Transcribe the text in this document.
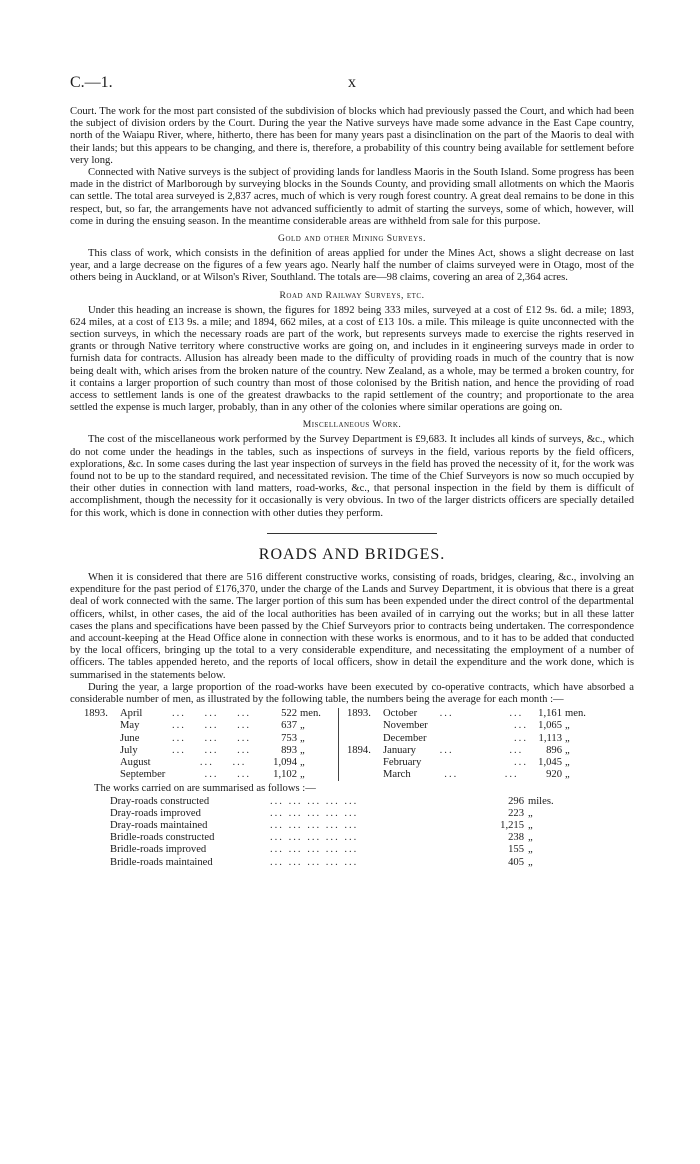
C.—1.	x

Court. The work for the most part consisted of the subdivision of blocks which had previously passed the Court, and which had been the subject of division orders by the Court. During the year the Native surveys have made some advance in the East Cape country, north of the Waiapu River, where, hitherto, there has been for many years past a disinclination on the part of the Maoris to deal with their lands; but this appears to be changing, and there is, therefore, a probability of this country being available for settlement before very long.

Connected with Native surveys is the subject of providing lands for landless Maoris in the South Island. Some progress has been made in the district of Marlborough by surveying blocks in the Sounds County, and providing small allotments on which the Maoris can settle. The total area surveyed is 2,837 acres, much of which is very rough forest country. A great deal remains to be done in this respect, but, so far, the arrangements have not advanced sufficiently to admit of starting the surveys, some of which, however, will come in during the ensuing season. In the meantime considerable areas are withheld from sale for this purpose.

Gold and other Mining Surveys.

This class of work, which consists in the definition of areas applied for under the Mines Act, shows a slight decrease on last year, and a large decrease on the figures of a few years ago. Nearly half the number of claims surveyed were in Otago, most of the others being in Auckland, or at Wilson's River, Southland. The totals are—98 claims, covering an area of 2,364 acres.

Road and Railway Surveys, etc.

Under this heading an increase is shown, the figures for 1892 being 333 miles, surveyed at a cost of £12 9s. 6d. a mile; 1893, 624 miles, at a cost of £13 9s. a mile; and 1894, 662 miles, at a cost of £13 10s. a mile. This mileage is quite unconnected with the section surveys, in which the necessary roads are part of the work, but represents surveys made to exercise the rights reserved in grants or through Native territory where constructive works are going on, and includes in it engineering surveys made in order to furnish data for contracts. Allusion has already been made to the difficulty of providing roads in much of the country that is now being dealt with, which arises from the broken nature of the country. New Zealand, as a whole, may be termed a broken country, for it contains a larger proportion of such country than most of those colonised by the British nation, and hence the providing of road access to settlement lands is one of the greatest drawbacks to the rapid settlement of the country; and proportionate to the area settled the expense is much larger, probably, than in any other of the colonies where similar operations are going on.

Miscellaneous Work.

The cost of the miscellaneous work performed by the Survey Department is £9,683. It includes all kinds of surveys, &c., which do not come under the headings in the tables, such as inspections of surveys in the field, various reports by the field officers, explorations, &c. In some cases during the last year inspection of surveys in the field has proved the necessity of it, for the work was found not to be up to the standard required, and necessitated revision. The time of the Chief Surveyors is now so much occupied by their other duties in connection with land matters, road-works, &c., that personal inspection in the field by them is difficult of accomplishment, though the necessity for it occasionally is very obvious. In two of the larger districts officers are specially detailed for this work, which is done in connection with other duties they perform.

ROADS AND BRIDGES.

When it is considered that there are 516 different constructive works, consisting of roads, bridges, clearing, &c., involving an expenditure for the past period of £176,370, under the charge of the Lands and Survey Department, it is obvious that there is a great deal of work connected with the same. The larger portion of this sum has been expended under the direct control of the departmental officers, whilst, in other cases, the aid of the local authorities has been availed of in carrying out the works; but in all these latter cases the plans and specifications have been passed by the Chief Surveyors prior to contracts being undertaken. The correspondence and account-keeping at the Head Office alone in connection with these works is enormous, and to it has to be added that conducted by the local officers, bringing up the total to a very considerable expenditure, and necessitating the employment of a number of officers. The tables appended hereto, and the reports of local officers, show in detail the expenditure and the work done, which is summarised in the statements below.

During the year, a large proportion of the road-works have been executed by co-operative contracts, which have absorbed a considerable number of men, as illustrated by the following table, the numbers being the average for each month :—

1893.	April	... ...    ...	522 men.
May	... ...    ...	637 „
June	... ...    ...	753 „
July	... ...    ...	893 „
August	... ...	1,094 „
September	... ...	1,102 „
1893.	October	...            ...	1,161 men.
November	... 1,065 „
December	... 1,113 „
1894.	January	...            ...	896 „
February	... 1,045 „
March	...          ...	920 „
The works carried on are summarised as follows :—
Dray-roads constructed	... ... ... ... ...	296 miles.
Dray-roads improved	... ... ... ... ...	223 „
Dray-roads maintained	... ... ... ... ...	1,215 „
Bridle-roads constructed	... ... ... ... ...	238 „
Bridle-roads improved	... ... ... ... ...	155 „
Bridle-roads maintained	... ... ... ... ...	405 „
